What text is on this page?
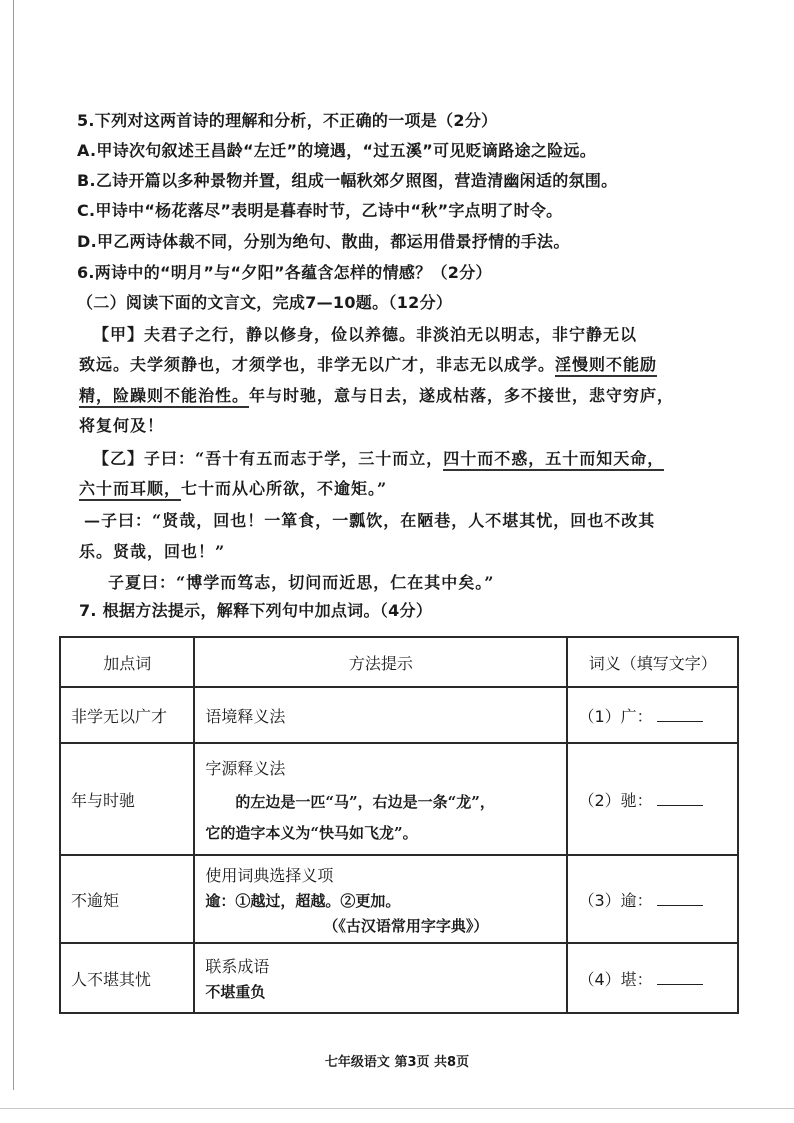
5.下列对这两首诗的理解和分析，不正确的一项是（2分）
A.甲诗次句叙述王昌龄“左迁”的境遇，“过五溪”可见贬谪路途之险远。
B.乙诗开篇以多种景物并置，组成一幅秋郊夕照图，营造清幽闲适的氛围。
C.甲诗中“杨花落尽”表明是暮春时节，乙诗中“秋”字点明了时令。
D.甲乙两诗体裁不同，分别为绝句、散曲，都运用借景抒情的手法。
6.两诗中的“明月”与“夕阳”各蕴含怎样的情感？（2分）
（二）阅读下面的文言文，完成7—10题。（12分）
【甲】夫君子之行，静以修身，俭以养德。非淡泊无以明志，非宁静无以
致远。夫学须静也，才须学也，非学无以广才，非志无以成学。淫慢则不能励
精，险躁则不能治性。年与时驰，意与日去，遂成枯落，多不接世，悲守穷庐，
将复何及！
【乙】子曰：“吾十有五而志于学，三十而立，四十而不惑，五十而知天命，
六十而耳顺，七十而从心所欲，不逾矩。”
—子曰：“贤哉，回也！一箪食，一瓢饮，在陋巷，人不堪其忧，回也不改其
乐。贤哉，回也！”
子夏曰：“博学而笃志，切问而近思，仁在其中矣。”
7. 根据方法提示，解释下列句中加点词。（4分）
加点词	方法提示	词义（填写文字）
非学无以广才	语境释义法	（1）广：
年与时驰	字源释义法
的左边是一匹“马”，右边是一条“龙”，
它的造字本义为“快马如飞龙”。	（2）驰：
不逾矩	使用词典选择义项
逾：①越过，超越。②更加。
（《古汉语常用字字典》）	（3）逾：
人不堪其忧	联系成语
不堪重负	（4）堪：
七年级语文 第3页 共8页
